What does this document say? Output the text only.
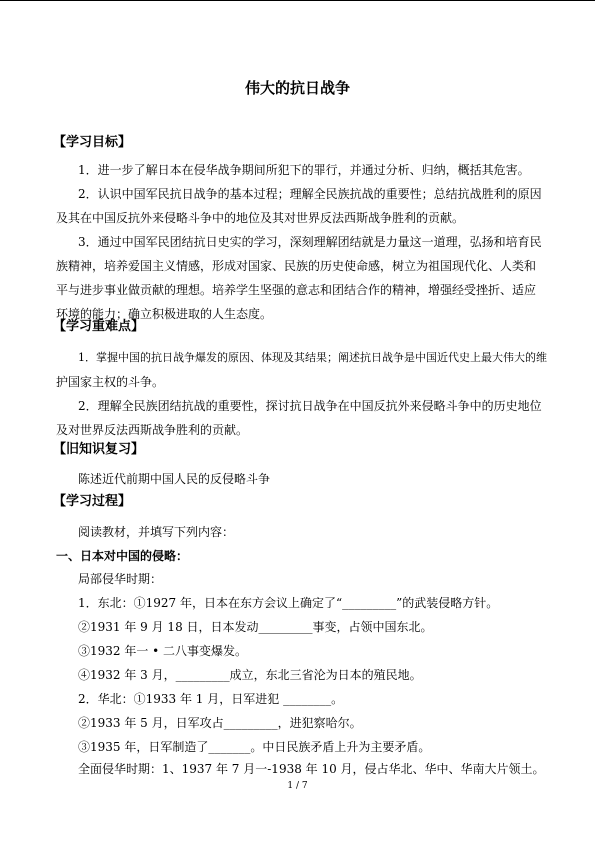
伟大的抗日战争
【学习目标】
1．进一步了解日本在侵华战争期间所犯下的罪行，并通过分析、归纳，概括其危害。
2．认识中国军民抗日战争的基本过程；理解全民族抗战的重要性；总结抗战胜利的原因
及其在中国反抗外来侵略斗争中的地位及其对世界反法西斯战争胜利的贡献。
3．通过中国军民团结抗日史实的学习，深刻理解团结就是力量这一道理，弘扬和培育民
族精神，培养爱国主义情感，形成对国家、民族的历史使命感，树立为祖国现代化、人类和
平与进步事业做贡献的理想。培养学生坚强的意志和团结合作的精神，增强经受挫折、适应
环境的能力；确立积极进取的人生态度。
【学习重难点】
1．掌握中国的抗日战争爆发的原因、体现及其结果；阐述抗日战争是中国近代史上最大伟大的维
护国家主权的斗争。
2．理解全民族团结抗战的重要性，探讨抗日战争在中国反抗外来侵略斗争中的历史地位
及对世界反法西斯战争胜利的贡献。
【旧知识复习】
陈述近代前期中国人民的反侵略斗争
【学习过程】
阅读教材，并填写下列内容：
一、日本对中国的侵略：
局部侵华时期：
1．东北：①1927 年，日本在东方会议上确定了“_________”的武装侵略方针。
②1931 年 9 月 18 日，日本发动_________事变，占领中国东北。
③1932 年一 • 二八事变爆发。
④1932 年 3 月，_________成立，东北三省沦为日本的殖民地。
2．华北：①1933 年 1 月，日军进犯 ________。
②1933 年 5 月，日军攻占_________，进犯察哈尔。
③1935 年，日军制造了_______。中日民族矛盾上升为主要矛盾。
全面侵华时期：1、1937 年 7 月一-1938 年 10 月，侵占华北、华中、华南大片领土。
1 / 7
